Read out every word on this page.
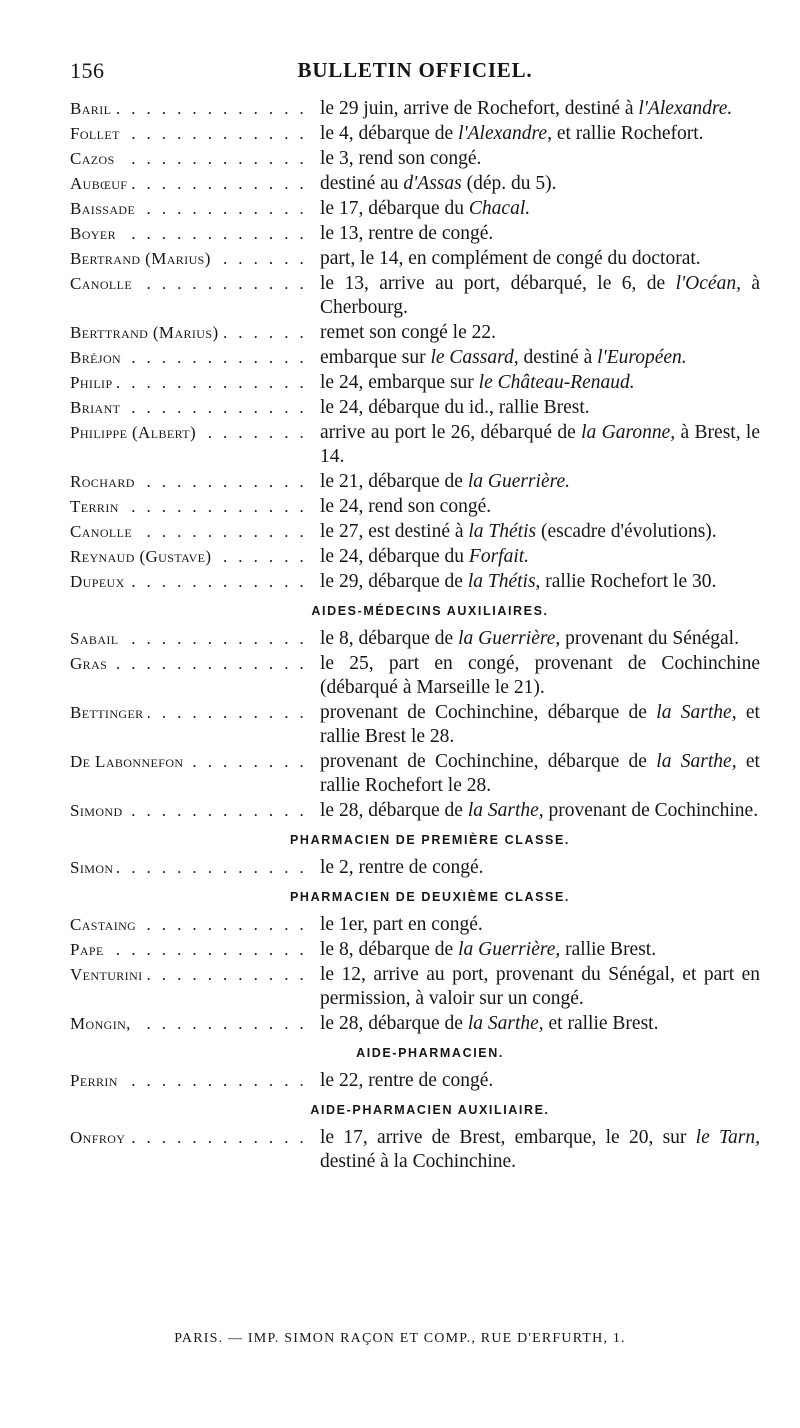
156	BULLETIN OFFICIEL.
Baril . . .	le 29 juin, arrive de Rochefort, destiné à l'Alexandre.
Follet . . .	le 4, débarque de l'Alexandre, et rallie Rochefort.
Cazos . . .	le 3, rend son congé.
Aubœuf . . .	destiné au d'Assas (dép. du 5).
Baissade . . .	le 17, débarque du Chacal.
Boyer . . .	le 13, rentre de congé.
Bertrand (Marius) . . .	part, le 14, en complément de congé du doctorat.
Canolle . . .	le 13, arrive au port, débarqué, le 6, de l'Océan, à Cherbourg.
Berttrand (Marius) . . .	remet son congé le 22.
Bréjon . . .	embarque sur le Cassard, destiné à l'Européen.
Philip . . .	le 24, embarque sur le Château-Renaud.
Briant . . .	le 24, débarque du id., rallie Brest.
Philippe (Albert) . . .	arrive au port le 26, débarqué de la Garonne, à Brest, le 14.
Rochard . . .	le 21, débarque de la Guerrière.
Terrin . . .	le 24, rend son congé.
Canolle . . .	le 27, est destiné à la Thétis (escadre d'évolutions).
Reynaud (Gustave) . . .	le 24, débarque du Forfait.
Dupeux . . .	le 29, débarque de la Thétis, rallie Rochefort le 30.
AIDES-MÉDECINS AUXILIAIRES.
Sabail . . .	le 8, débarque de la Guerrière, provenant du Sénégal.
Gras . . .	le 25, part en congé, provenant de Cochinchine (débarqué à Marseille le 21).
Bettinger . . .	provenant de Cochinchine, débarque de la Sarthe, et rallie Brest le 28.
De Labonnefon . . .	provenant de Cochinchine, débarque de la Sarthe, et rallie Rochefort le 28.
Simond . . .	le 28, débarque de la Sarthe, provenant de Cochinchine.
PHARMACIEN DE PREMIÈRE CLASSE.
Simon . . .	le 2, rentre de congé.
PHARMACIEN DE DEUXIÈME CLASSE.
Castaing . . .	le 1er, part en congé.
Pape . . .	le 8, débarque de la Guerrière, rallie Brest.
Venturini . . .	le 12, arrive au port, provenant du Sénégal, et part en permission, à valoir sur un congé.
Mongin, . . .	le 28, débarque de la Sarthe, et rallie Brest.
AIDE-PHARMACIEN.
Perrin . . .	le 22, rentre de congé.
AIDE-PHARMACIEN AUXILIAIRE.
Onfroy . . .	le 17, arrive de Brest, embarque, le 20, sur le Tarn, destiné à la Cochinchine.
PARIS. — IMP. SIMON RAÇON ET COMP., RUE D'ERFURTH, 1.
